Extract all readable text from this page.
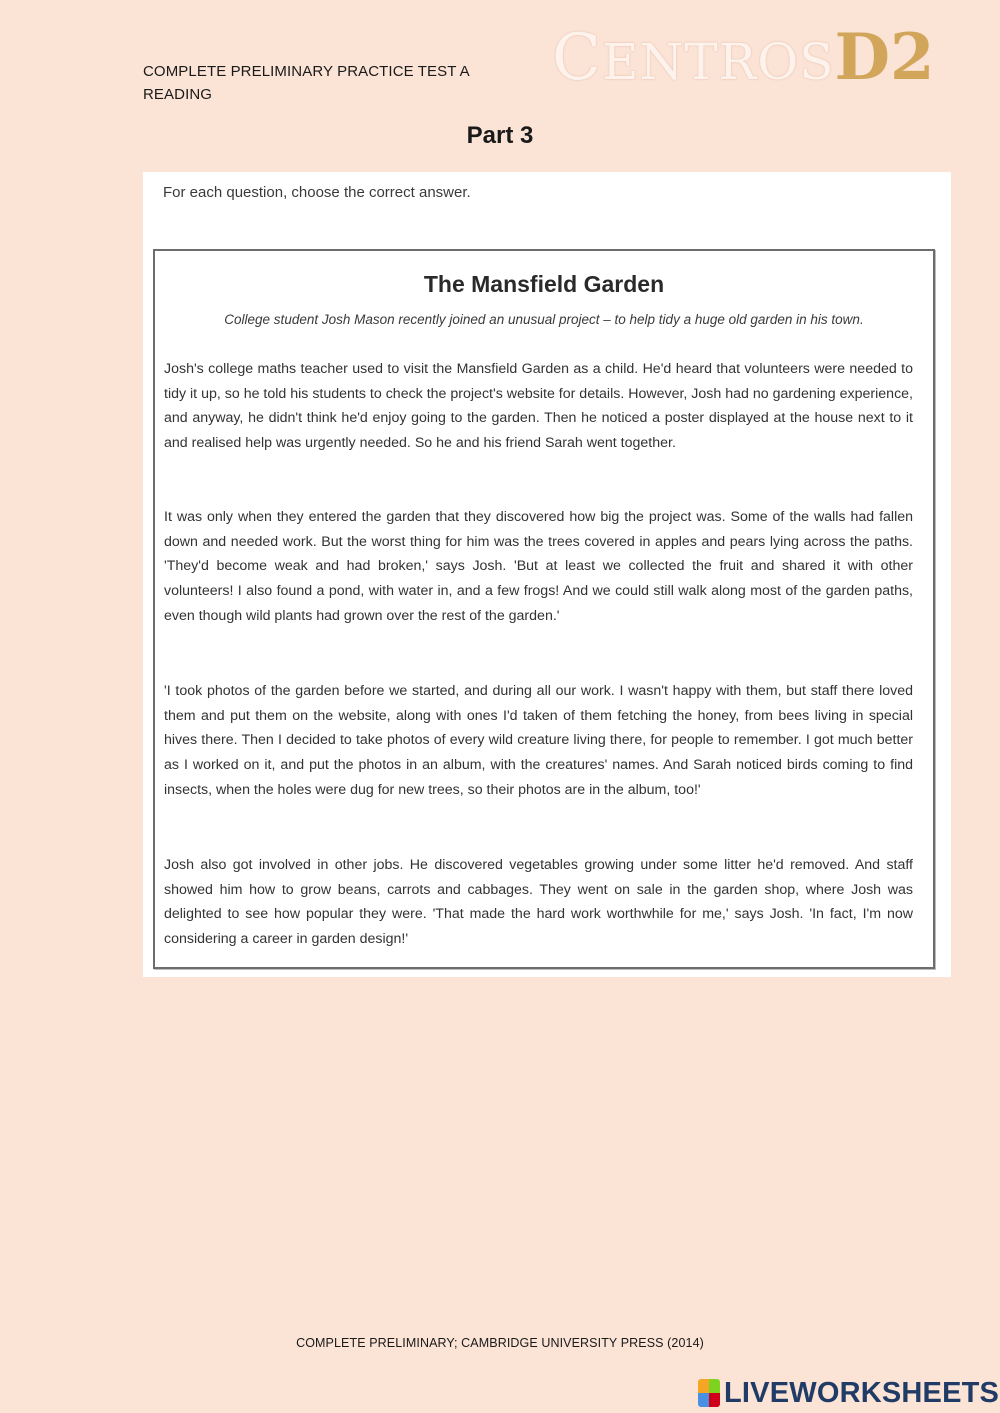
COMPLETE PRELIMINARY PRACTICE TEST A
READING	CENTROSD2
Part 3
For each question, choose the correct answer.
The Mansfield Garden
College student Josh Mason recently joined an unusual project – to help tidy a huge old garden in his town.

Josh's college maths teacher used to visit the Mansfield Garden as a child. He'd heard that volunteers were needed to tidy it up, so he told his students to check the project's website for details. However, Josh had no gardening experience, and anyway, he didn't think he'd enjoy going to the garden. Then he noticed a poster displayed at the house next to it and realised help was urgently needed. So he and his friend Sarah went together.

It was only when they entered the garden that they discovered how big the project was. Some of the walls had fallen down and needed work. But the worst thing for him was the trees covered in apples and pears lying across the paths. 'They'd become weak and had broken,' says Josh. 'But at least we collected the fruit and shared it with other volunteers! I also found a pond, with water in, and a few frogs! And we could still walk along most of the garden paths, even though wild plants had grown over the rest of the garden.'

'I took photos of the garden before we started, and during all our work. I wasn't happy with them, but staff there loved them and put them on the website, along with ones I'd taken of them fetching the honey, from bees living in special hives there. Then I decided to take photos of every wild creature living there, for people to remember. I got much better as I worked on it, and put the photos in an album, with the creatures' names. And Sarah noticed birds coming to find insects, when the holes were dug for new trees, so their photos are in the album, too!'

Josh also got involved in other jobs. He discovered vegetables growing under some litter he'd removed. And staff showed him how to grow beans, carrots and cabbages. They went on sale in the garden shop, where Josh was delighted to see how popular they were. 'That made the hard work worthwhile for me,' says Josh. 'In fact, I'm now considering a career in garden design!'

COMPLETE PRELIMINARY; CAMBRIDGE UNIVERSITY PRESS (2014)
LIVEWORKSHEETS
